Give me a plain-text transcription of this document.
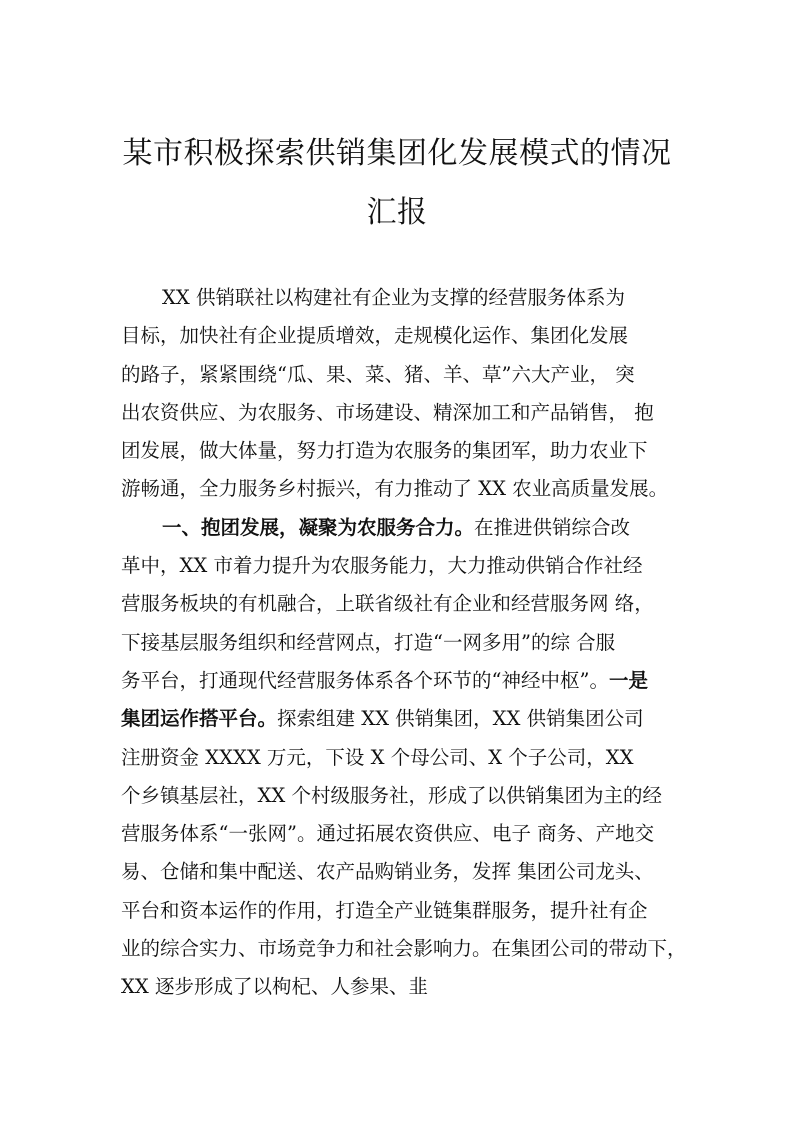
某市积极探索供销集团化发展模式的情况
汇报
XX 供销联社以构建社有企业为支撑的经营服务体系为
目标，加快社有企业提质增效，走规模化运作、集团化发展
的路子，紧紧围绕“瓜、果、菜、猪、羊、草”六大产业， 突
出农资供应、为农服务、市场建设、精深加工和产品销售， 抱
团发展，做大体量，努力打造为农服务的集团军，助力农业下
游畅通，全力服务乡村振兴，有力推动了 XX 农业高质量发展。
一、抱团发展，凝聚为农服务合力。在推进供销综合改
革中，XX 市着力提升为农服务能力，大力推动供销合作社经
营服务板块的有机融合，上联省级社有企业和经营服务网 络，
下接基层服务组织和经营网点，打造“一网多用”的综 合服
务平台，打通现代经营服务体系各个环节的“神经中枢”。一是
集团运作搭平台。探索组建 XX 供销集团，XX 供销集团公司
注册资金 XXXX 万元，下设 X 个母公司、X 个子公司，XX
个乡镇基层社，XX 个村级服务社，形成了以供销集团为主的经
营服务体系“一张网”。通过拓展农资供应、电子 商务、产地交
易、仓储和集中配送、农产品购销业务，发挥 集团公司龙头、
平台和资本运作的作用，打造全产业链集群服务，提升社有企
业的综合实力、市场竞争力和社会影响力。在集团公司的带动下，
XX 逐步形成了以枸杞、人参果、韭
